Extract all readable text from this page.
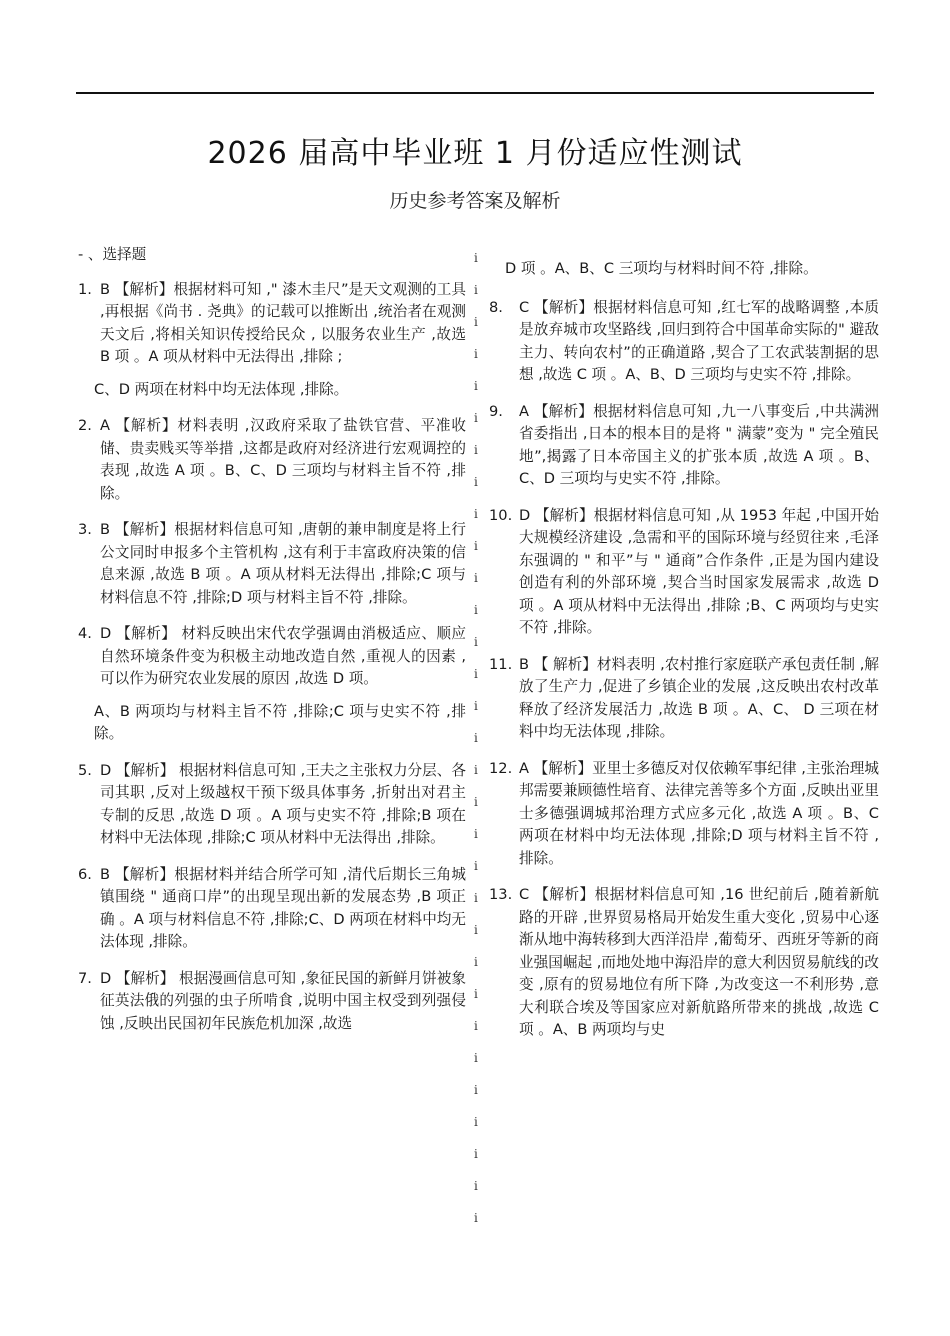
2026 届高中毕业班 1 月份适应性测试
历史参考答案及解析
- 、选择题
1. B 【解析】根据材料可知 ," 漆木圭尺”是天文观测的工具 ,再根据《尚书 . 尧典》的记载可以推断出 ,统治者在观测天文后 ,将相关知识传授给民众 , 以服务农业生产 ,故选 B 项 。A 项从材料中无法得出 ,排除 ;
C、D 两项在材料中均无法体现 ,排除。
2. A 【解析】材料表明 ,汉政府采取了盐铁官营、平准收储、贵卖贱买等举措 ,这都是政府对经济进行宏观调控的表现 ,故选 A 项 。B、C、D 三项均与材料主旨不符 ,排除。
3. B 【解析】根据材料信息可知 ,唐朝的兼申制度是将上行公文同时申报多个主管机构 ,这有利于丰富政府决策的信息来源 ,故选 B 项 。A 项从材料无法得出 ,排除;C 项与材料信息不符 ,排除;D 项与材料主旨不符 ,排除。
4. D 【解析】 材料反映出宋代农学强调由消极适应、顺应自然环境条件变为积极主动地改造自然 ,重视人的因素 ,可以作为研究农业发展的原因 ,故选 D 项。
A、B 两项均与材料主旨不符 ,排除;C 项与史实不符 ,排除。
5. D 【解析】 根据材料信息可知 ,王夫之主张权力分层、各司其职 ,反对上级越权干预下级具体事务 ,折射出对君主专制的反思 ,故选 D 项 。A 项与史实不符 ,排除;B 项在材料中无法体现 ,排除;C 项从材料中无法得出 ,排除。
6. B 【解析】根据材料并结合所学可知 ,清代后期长三角城镇围绕 " 通商口岸”的出现呈现出新的发展态势 ,B 项正确 。A 项与材料信息不符 ,排除;C、D 两项在材料中均无法体现 ,排除。
7. D 【解析】 根据漫画信息可知 ,象征民国的新鲜月饼被象征英法俄的列强的虫子所啃食 ,说明中国主权受到列强侵蚀 ,反映出民国初年民族危机加深 ,故选
ⅰ
ⅰ
ⅰ
ⅰ
ⅰ
ⅰ
ⅰ
ⅰ
ⅰ
ⅰ
ⅰ
ⅰ
ⅰ
ⅰ
ⅰ
ⅰ
ⅰ
ⅰ
ⅰ
ⅰ
ⅰ
ⅰ
ⅰ
ⅰ
ⅰ
ⅰ
ⅰ
ⅰ
ⅰ
ⅰ
ⅰ
D 项 。A、B、C 三项均与材料时间不符 ,排除。
8.	C 【解析】根据材料信息可知 ,红七军的战略调整 ,本质是放弃城市攻坚路线 ,回归到符合中国革命实际的" 避敌主力、转向农村”的正确道路 ,契合了工农武装割据的思想 ,故选 C 项 。A、B、D 三项均与史实不符 ,排除。
9.	A 【解析】根据材料信息可知 ,九一八事变后 ,中共满洲省委指出 ,日本的根本目的是将 " 满蒙”变为 " 完全殖民地”,揭露了日本帝国主义的扩张本质 ,故选 A 项 。B、C、D 三项均与史实不符 ,排除。
10. D 【解析】根据材料信息可知 ,从 1953 年起 ,中国开始大规模经济建设 ,急需和平的国际环境与经贸往来 ,毛泽东强调的 " 和平”与 " 通商”合作条件 ,正是为国内建设创造有利的外部环境 ,契合当时国家发展需求 ,故选 D 项 。A 项从材料中无法得出 ,排除 ;B、C 两项均与史实不符 ,排除。
11. B 【 解析】材料表明 ,农村推行家庭联产承包责任制 ,解放了生产力 ,促进了乡镇企业的发展 ,这反映出农村改革释放了经济发展活力 ,故选 B 项 。A、C、 D 三项在材料中均无法体现 ,排除。
12. A 【解析】亚里士多德反对仅依赖军事纪律 ,主张治理城邦需要兼顾德性培育、法律完善等多个方面 ,反映出亚里士多德强调城邦治理方式应多元化 ,故选 A 项 。B、C 两项在材料中均无法体现 ,排除;D 项与材料主旨不符 ,排除。
13. C 【解析】根据材料信息可知 ,16 世纪前后 ,随着新航路的开辟 ,世界贸易格局开始发生重大变化 ,贸易中心逐渐从地中海转移到大西洋沿岸 ,葡萄牙、西班牙等新的商业强国崛起 ,而地处地中海沿岸的意大利因贸易航线的改变 ,原有的贸易地位有所下降 ,为改变这一不利形势 ,意大利联合埃及等国家应对新航路所带来的挑战 ,故选 C 项 。A、B 两项均与史
